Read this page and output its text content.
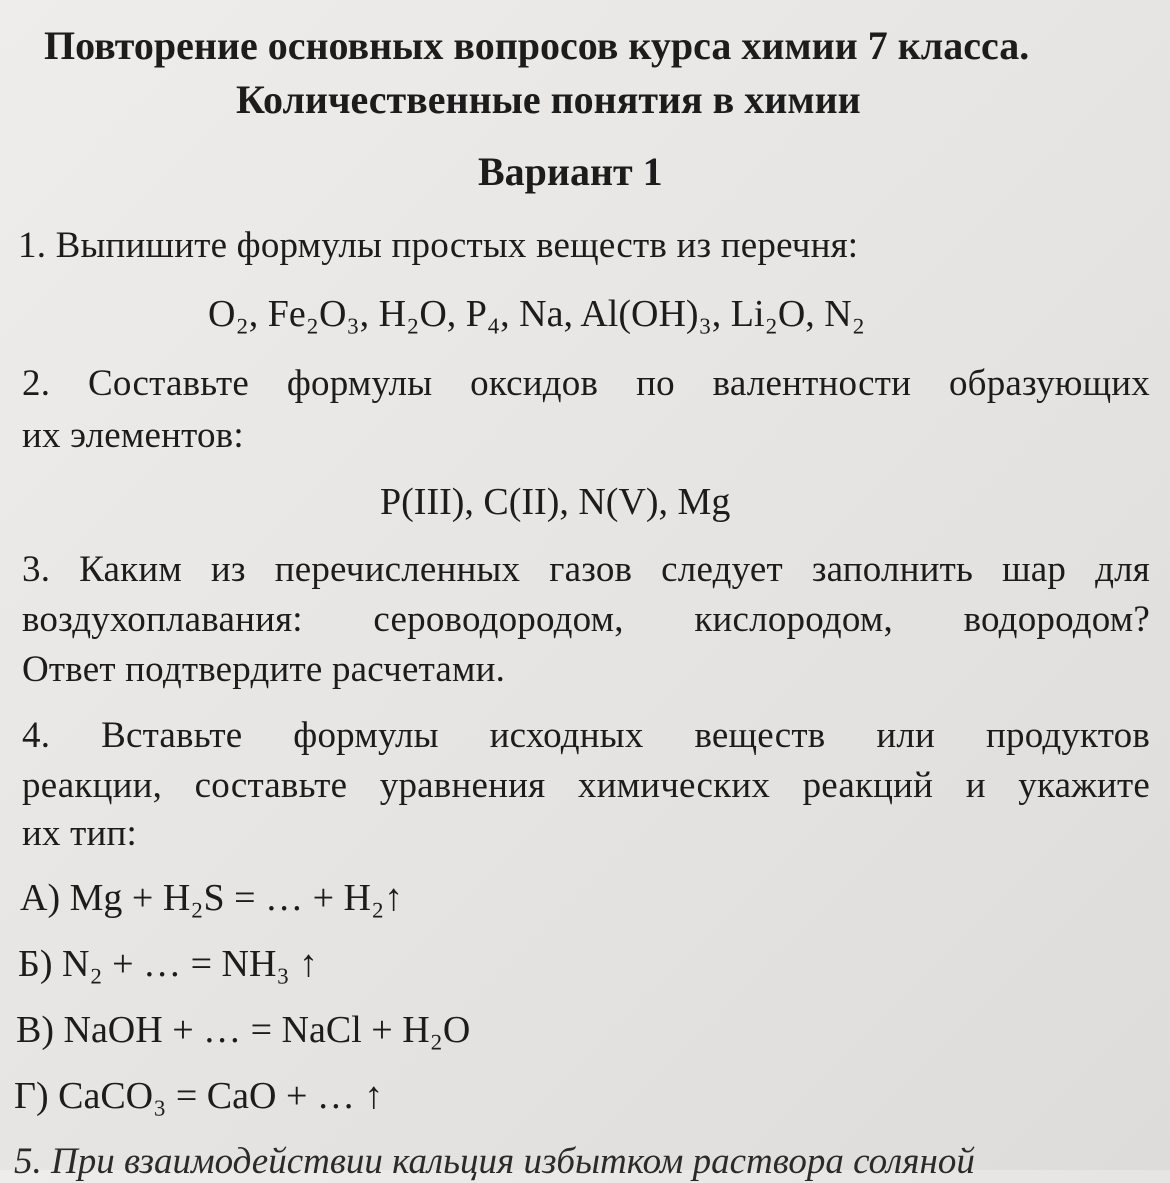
Повторение основных вопросов курса химии 7 класса.
Количественные понятия в химии
Вариант 1
1. Выпишите формулы простых веществ из перечня:
O₂, Fe₂O₃, H₂O, P₄, Na, Al(OH)₃, Li₂O, N₂
2. Составьте формулы оксидов по валентности образующих
их элементов:
P(III), C(II), N(V), Mg
3. Каким из перечисленных газов следует заполнить шар для
воздухоплавания: сероводородом, кислородом, водородом?
Ответ подтвердите расчетами.
4. Вставьте формулы исходных веществ или продуктов
реакции, составьте уравнения химических реакций и укажите
их тип:
А) Mg + H₂S = … + H₂↑
Б) N₂ + … = NH₃ ↑
В) NaOH + … = NaCl + H₂O
Г) CaCO₃ = CaO + … ↑
5. При взаимодействии кальция избытком раствора соляной
